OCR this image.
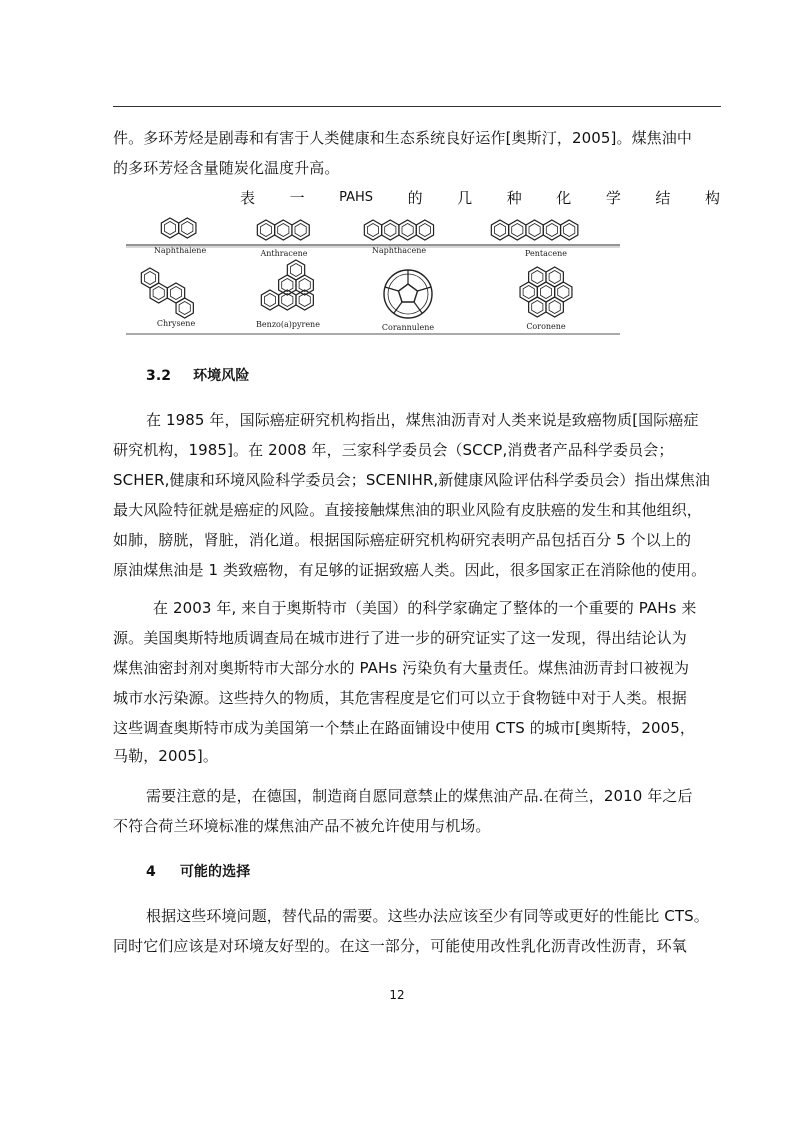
件。多环芳烃是剧毒和有害于人类健康和生态系统良好运作[奥斯汀，2005]。煤焦油中
的多环芳烃含量随炭化温度升高。
表 一	PAHS 的 几 种 化 学 结 构
Naphthalene	Anthracene	Naphthacene	Pentacene
Chrysene	Benzo(a)pyrene	Corannulene	Coronene
3.2 环境风险
在 1985 年，国际癌症研究机构指出，煤焦油沥青对人类来说是致癌物质[国际癌症
研究机构，1985]。在 2008 年，三家科学委员会（SCCP,消费者产品科学委员会；
SCHER,健康和环境风险科学委员会；SCENIHR,新健康风险评估科学委员会）指出煤焦油
最大风险特征就是癌症的风险。直接接触煤焦油的职业风险有皮肤癌的发生和其他组织，
如肺，膀胱，肾脏，消化道。根据国际癌症研究机构研究表明产品包括百分 5 个以上的
原油煤焦油是 1 类致癌物，有足够的证据致癌人类。因此，很多国家正在消除他的使用。
在 2003 年, 来自于奥斯特市（美国）的科学家确定了整体的一个重要的 PAHs 来
源。美国奥斯特地质调查局在城市进行了进一步的研究证实了这一发现，得出结论认为
煤焦油密封剂对奥斯特市大部分水的 PAHs 污染负有大量责任。煤焦油沥青封口被视为
城市水污染源。这些持久的物质，其危害程度是它们可以立于食物链中对于人类。根据
这些调查奥斯特市成为美国第一个禁止在路面铺设中使用 CTS 的城市[奥斯特，2005，
马勒，2005]。
需要注意的是，在德国，制造商自愿同意禁止的煤焦油产品.在荷兰，2010 年之后
不符合荷兰环境标准的煤焦油产品不被允许使用与机场。
4 可能的选择
根据这些环境问题，替代品的需要。这些办法应该至少有同等或更好的性能比 CTS。
同时它们应该是对环境友好型的。在这一部分，可能使用改性乳化沥青改性沥青，环氧
12
